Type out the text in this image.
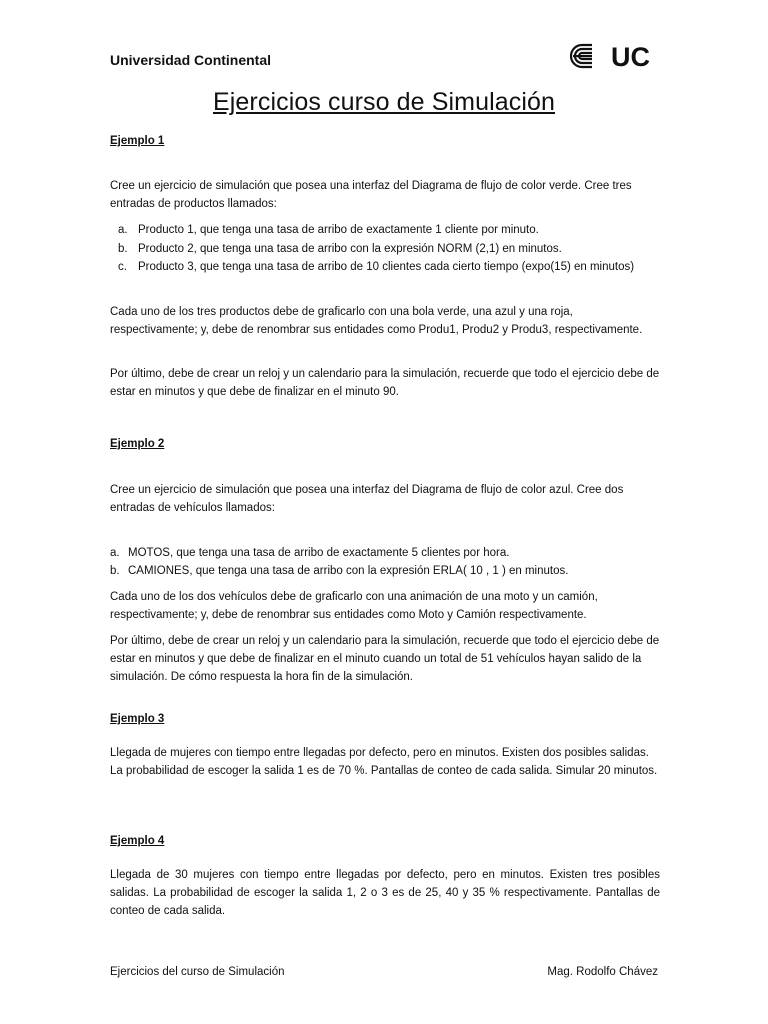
Universidad Continental	UC
Ejercicios curso de Simulación
Ejemplo 1
Cree un ejercicio de simulación que posea una interfaz del Diagrama de flujo de color verde. Cree tres entradas de productos llamados:
a. Producto 1, que tenga una tasa de arribo de exactamente 1 cliente por minuto.
b. Producto 2, que tenga una tasa de arribo con la expresión NORM (2,1) en minutos.
c. Producto 3, que tenga una tasa de arribo de 10 clientes cada cierto tiempo (expo(15) en minutos)
Cada uno de los tres productos debe de graficarlo con una bola verde, una azul y una roja, respectivamente; y, debe de renombrar sus entidades como Produ1, Produ2 y Produ3, respectivamente.
Por último, debe de crear un reloj y un calendario para la simulación, recuerde que todo el ejercicio debe de estar en minutos y que debe de finalizar en el minuto 90.
Ejemplo 2
Cree un ejercicio de simulación que posea una interfaz del Diagrama de flujo de color azul. Cree dos entradas de vehículos llamados:
a. MOTOS, que tenga una tasa de arribo de exactamente 5 clientes por hora.
b. CAMIONES, que tenga una tasa de arribo con la expresión ERLA( 10 , 1 ) en minutos.
Cada uno de los dos vehículos debe de graficarlo con una animación de una moto y un camión, respectivamente; y, debe de renombrar sus entidades como Moto y Camión respectivamente.
Por último, debe de crear un reloj y un calendario para la simulación, recuerde que todo el ejercicio debe de estar en minutos y que debe de finalizar en el minuto cuando un total de 51 vehículos hayan salido de la simulación. De cómo respuesta la hora fin de la simulación.
Ejemplo 3
Llegada de mujeres con tiempo entre llegadas por defecto, pero en minutos. Existen dos posibles salidas. La probabilidad de escoger la salida 1 es de 70 %. Pantallas de conteo de cada salida. Simular 20 minutos.
Ejemplo 4
Llegada de 30 mujeres con tiempo entre llegadas por defecto, pero en minutos. Existen tres posibles salidas. La probabilidad de escoger la salida 1, 2 o 3 es de 25, 40 y 35 % respectivamente. Pantallas de conteo de cada salida.
Ejercicios del curso de Simulación	Mag. Rodolfo Chávez
